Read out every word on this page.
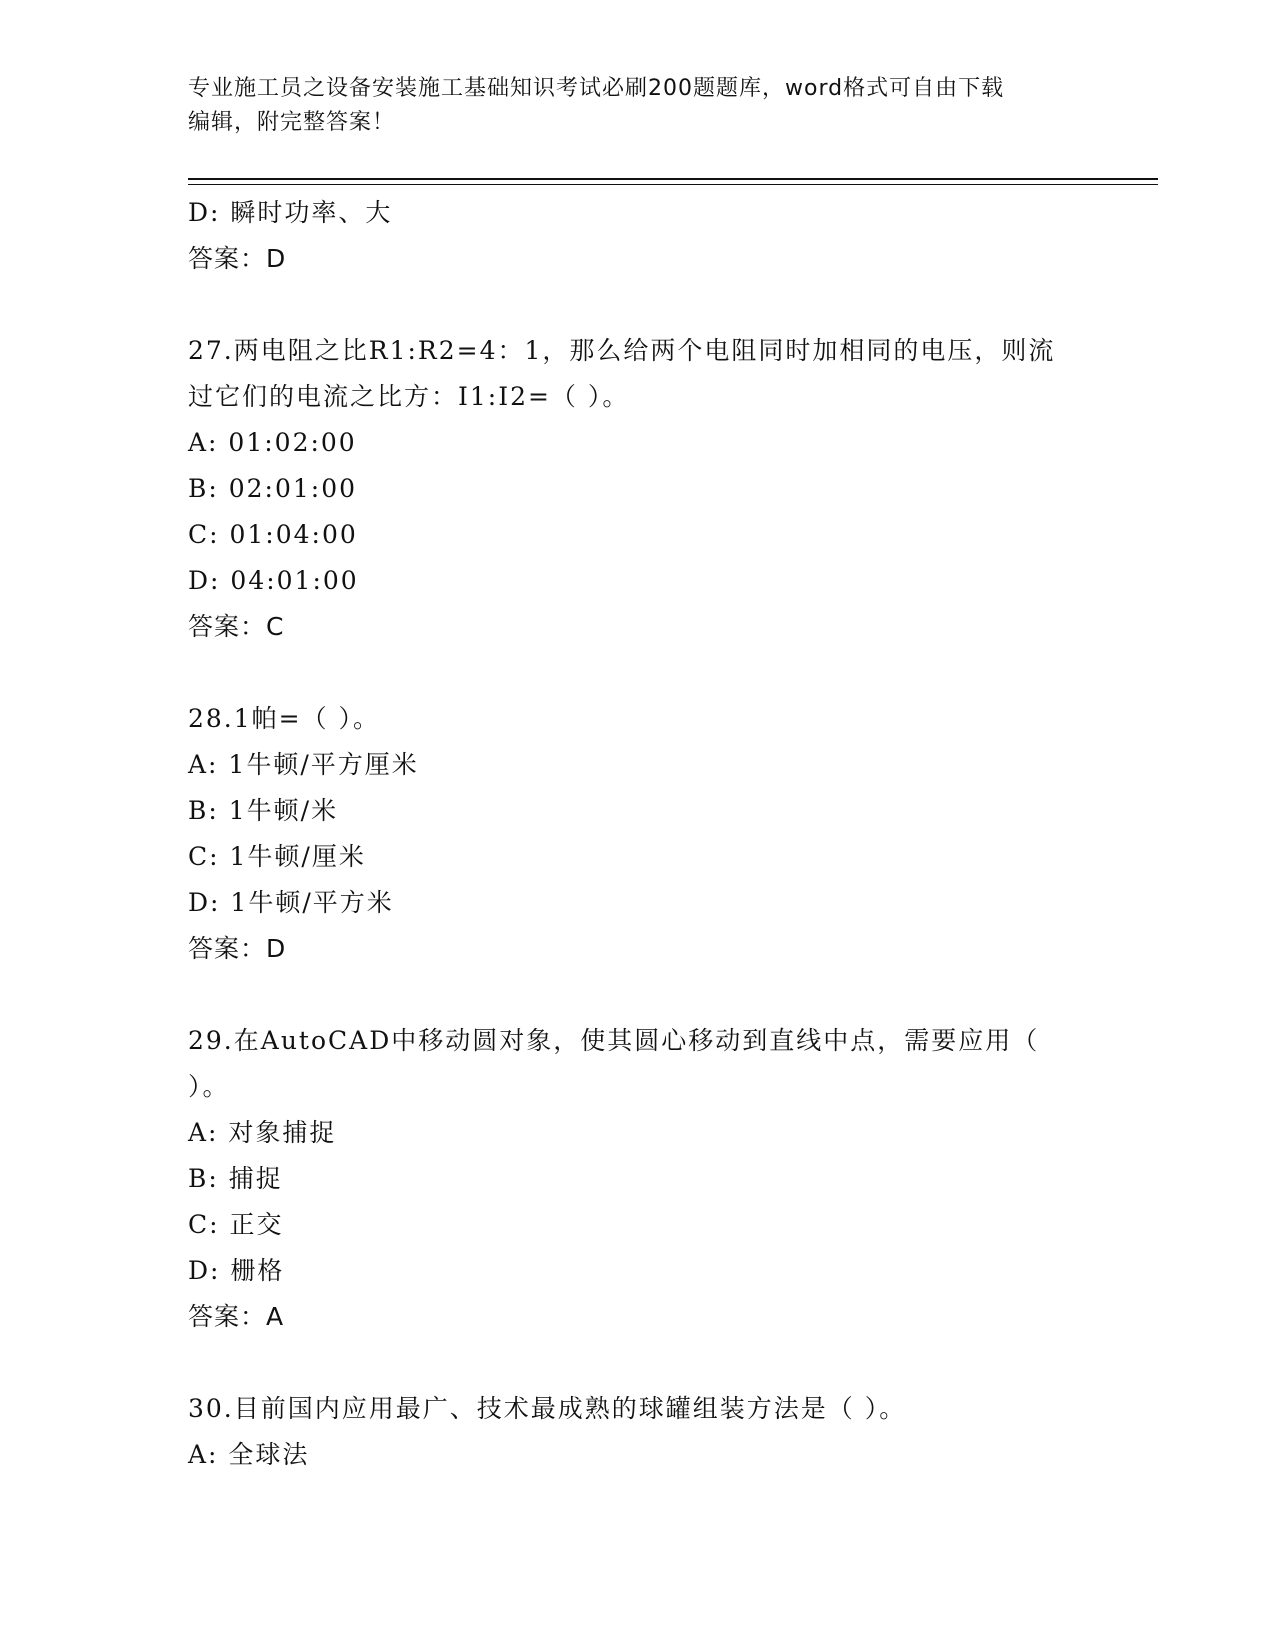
专业施工员之设备安装施工基础知识考试必刷200题题库，word格式可自由下载
编辑，附完整答案！
D: 瞬时功率、大
答案：D
27.两电阻之比R1:R2=4：1，那么给两个电阻同时加相同的电压，则流
过它们的电流之比方：I1:I2=（ ）。
A: 01:02:00
B: 02:01:00
C: 01:04:00
D: 04:01:00
答案：C
28.1帕=（ ）。
A: 1牛顿/平方厘米
B: 1牛顿/米
C: 1牛顿/厘米
D: 1牛顿/平方米
答案：D
29.在AutoCAD中移动圆对象，使其圆心移动到直线中点，需要应用（
）。
A: 对象捕捉
B: 捕捉
C: 正交
D: 栅格
答案：A
30.目前国内应用最广、技术最成熟的球罐组装方法是（ ）。
A: 全球法
